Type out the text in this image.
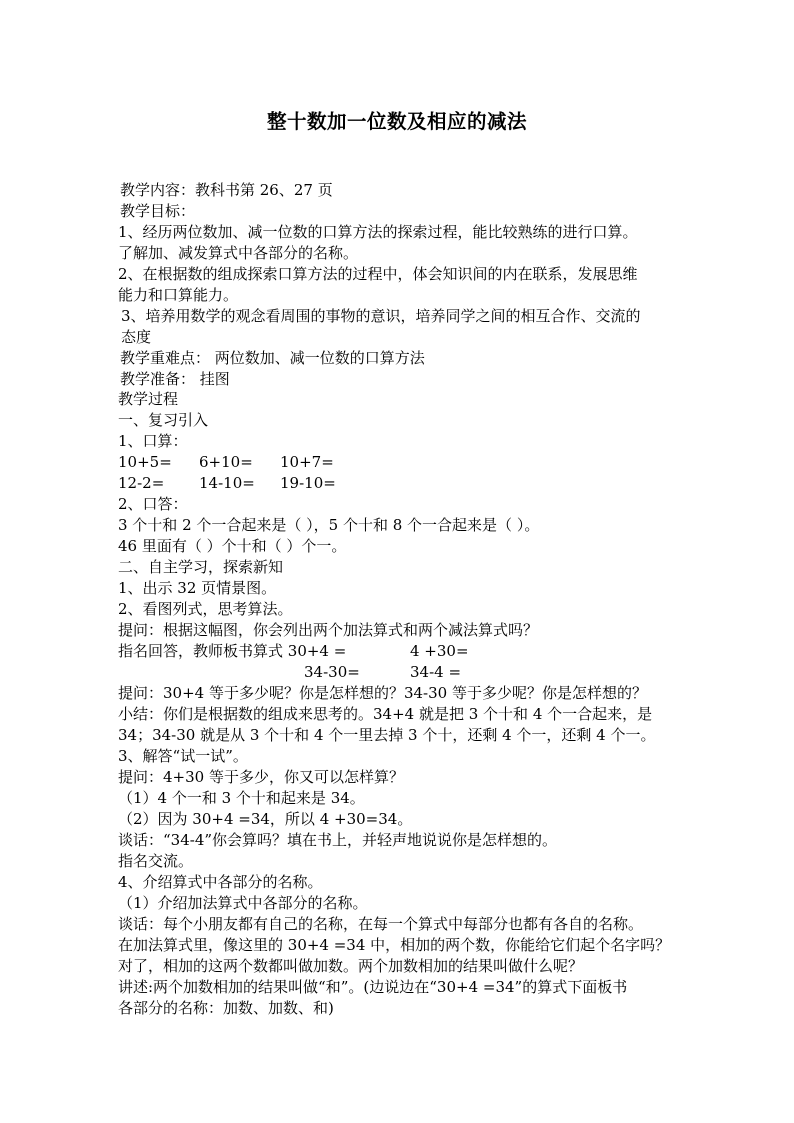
整十数加一位数及相应的减法
教学内容：教科书第 26、27 页
教学目标：
1、经历两位数加、减一位数的口算方法的探索过程，能比较熟练的进行口算。
了解加、减发算式中各部分的名称。
2、在根据数的组成探索口算方法的过程中，体会知识间的内在联系，发展思维
能力和口算能力。
3、培养用数学的观念看周围的事物的意识，培养同学之间的相互合作、交流的
态度
教学重难点： 两位数加、减一位数的口算方法
教学准备： 挂图
教学过程
一、复习引入
1、口算：
10+5= 6+10= 10+7=
12-2= 14-10= 19-10=
2、口答：
3 个十和 2 个一合起来是（ ），5 个十和 8 个一合起来是（ ）。
46 里面有（ ）个十和（ ）个一。
二、自主学习，探索新知
1、出示 32 页情景图。
2、看图列式，思考算法。
提问：根据这幅图，你会列出两个加法算式和两个减法算式吗？
指名回答，教师板书算式 30+4 =	4 +30=
34-30=	34-4 =
提问：30+4 等于多少呢？你是怎样想的？34-30 等于多少呢？你是怎样想的？
小结：你们是根据数的组成来思考的。34+4 就是把 3 个十和 4 个一合起来，是
34；34-30 就是从 3 个十和 4 个一里去掉 3 个十，还剩 4 个一，还剩 4 个一。
3、解答“试一试”。
提问：4+30 等于多少，你又可以怎样算？
（1）4 个一和 3 个十和起来是 34。
（2）因为 30+4 =34，所以 4 +30=34。
谈话：“34-4”你会算吗？填在书上，并轻声地说说你是怎样想的。
指名交流。
4、介绍算式中各部分的名称。
（1）介绍加法算式中各部分的名称。
谈话：每个小朋友都有自己的名称，在每一个算式中每部分也都有各自的名称。
在加法算式里，像这里的 30+4 =34 中，相加的两个数，你能给它们起个名字吗？
对了，相加的这两个数都叫做加数。两个加数相加的结果叫做什么呢？
讲述:两个加数相加的结果叫做“和”。(边说边在“30+4 =34”的算式下面板书
各部分的名称：加数、加数、和)
